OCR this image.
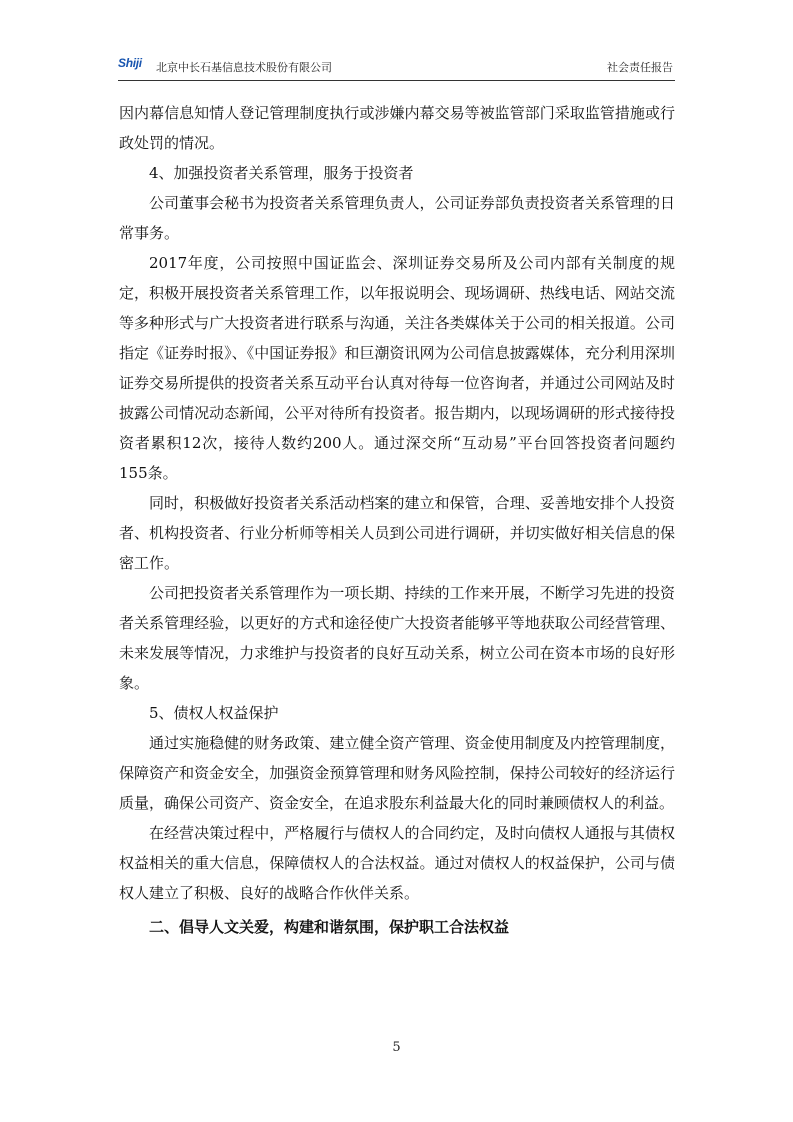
Shiji 北京中长石基信息技术股份有限公司	社会责任报告

因内幕信息知情人登记管理制度执行或涉嫌内幕交易等被监管部门采取监管措施或行政处罚的情况。

4、加强投资者关系管理，服务于投资者

公司董事会秘书为投资者关系管理负责人，公司证券部负责投资者关系管理的日常事务。

2017年度，公司按照中国证监会、深圳证券交易所及公司内部有关制度的规定，积极开展投资者关系管理工作，以年报说明会、现场调研、热线电话、网站交流等多种形式与广大投资者进行联系与沟通，关注各类媒体关于公司的相关报道。公司指定《证券时报》、《中国证券报》和巨潮资讯网为公司信息披露媒体，充分利用深圳证券交易所提供的投资者关系互动平台认真对待每一位咨询者，并通过公司网站及时披露公司情况动态新闻，公平对待所有投资者。报告期内，以现场调研的形式接待投资者累积12次，接待人数约200人。通过深交所“互动易”平台回答投资者问题约155条。

同时，积极做好投资者关系活动档案的建立和保管，合理、妥善地安排个人投资者、机构投资者、行业分析师等相关人员到公司进行调研，并切实做好相关信息的保密工作。

公司把投资者关系管理作为一项长期、持续的工作来开展，不断学习先进的投资者关系管理经验，以更好的方式和途径使广大投资者能够平等地获取公司经营管理、未来发展等情况，力求维护与投资者的良好互动关系，树立公司在资本市场的良好形象。

5、债权人权益保护

通过实施稳健的财务政策、建立健全资产管理、资金使用制度及内控管理制度，保障资产和资金安全，加强资金预算管理和财务风险控制，保持公司较好的经济运行质量，确保公司资产、资金安全，在追求股东利益最大化的同时兼顾债权人的利益。

在经营决策过程中，严格履行与债权人的合同约定，及时向债权人通报与其债权权益相关的重大信息，保障债权人的合法权益。通过对债权人的权益保护，公司与债权人建立了积极、良好的战略合作伙伴关系。

二、倡导人文关爱，构建和谐氛围，保护职工合法权益

5
